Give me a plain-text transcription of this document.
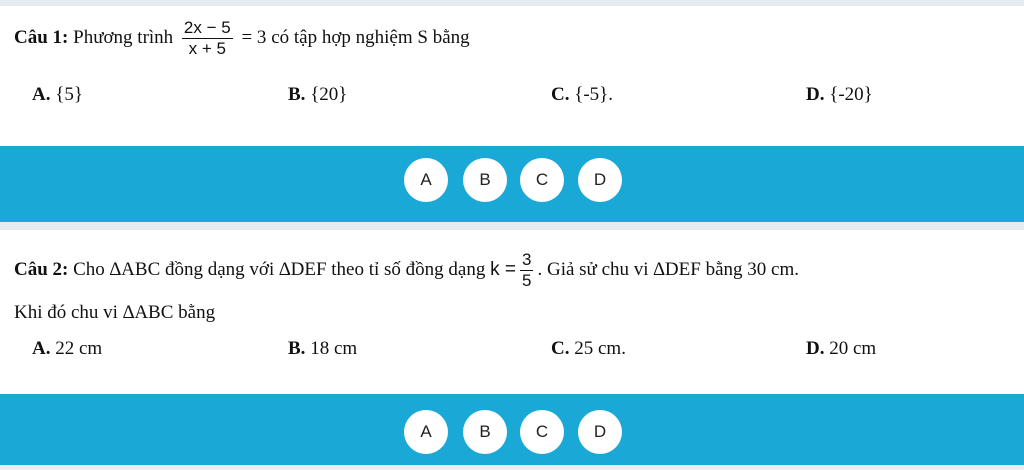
Câu 1: Phương trình $\frac{2x - 5}{x + 5} = 3$ có tập hợp nghiệm S bằng
A. {5}	B. {20}	C. {-5}.	D. {-20}
A	B	C	D
Câu 2: Cho ∆ABC đồng dạng với ∆DEF theo tỉ số đồng dạng $k = \frac{3}{5}$ . Giả sử chu vi ∆DEF bằng 30 cm.
Khi đó chu vi ∆ABC bằng
A. 22 cm	B. 18 cm	C. 25 cm.	D. 20 cm
A	B	C	D
